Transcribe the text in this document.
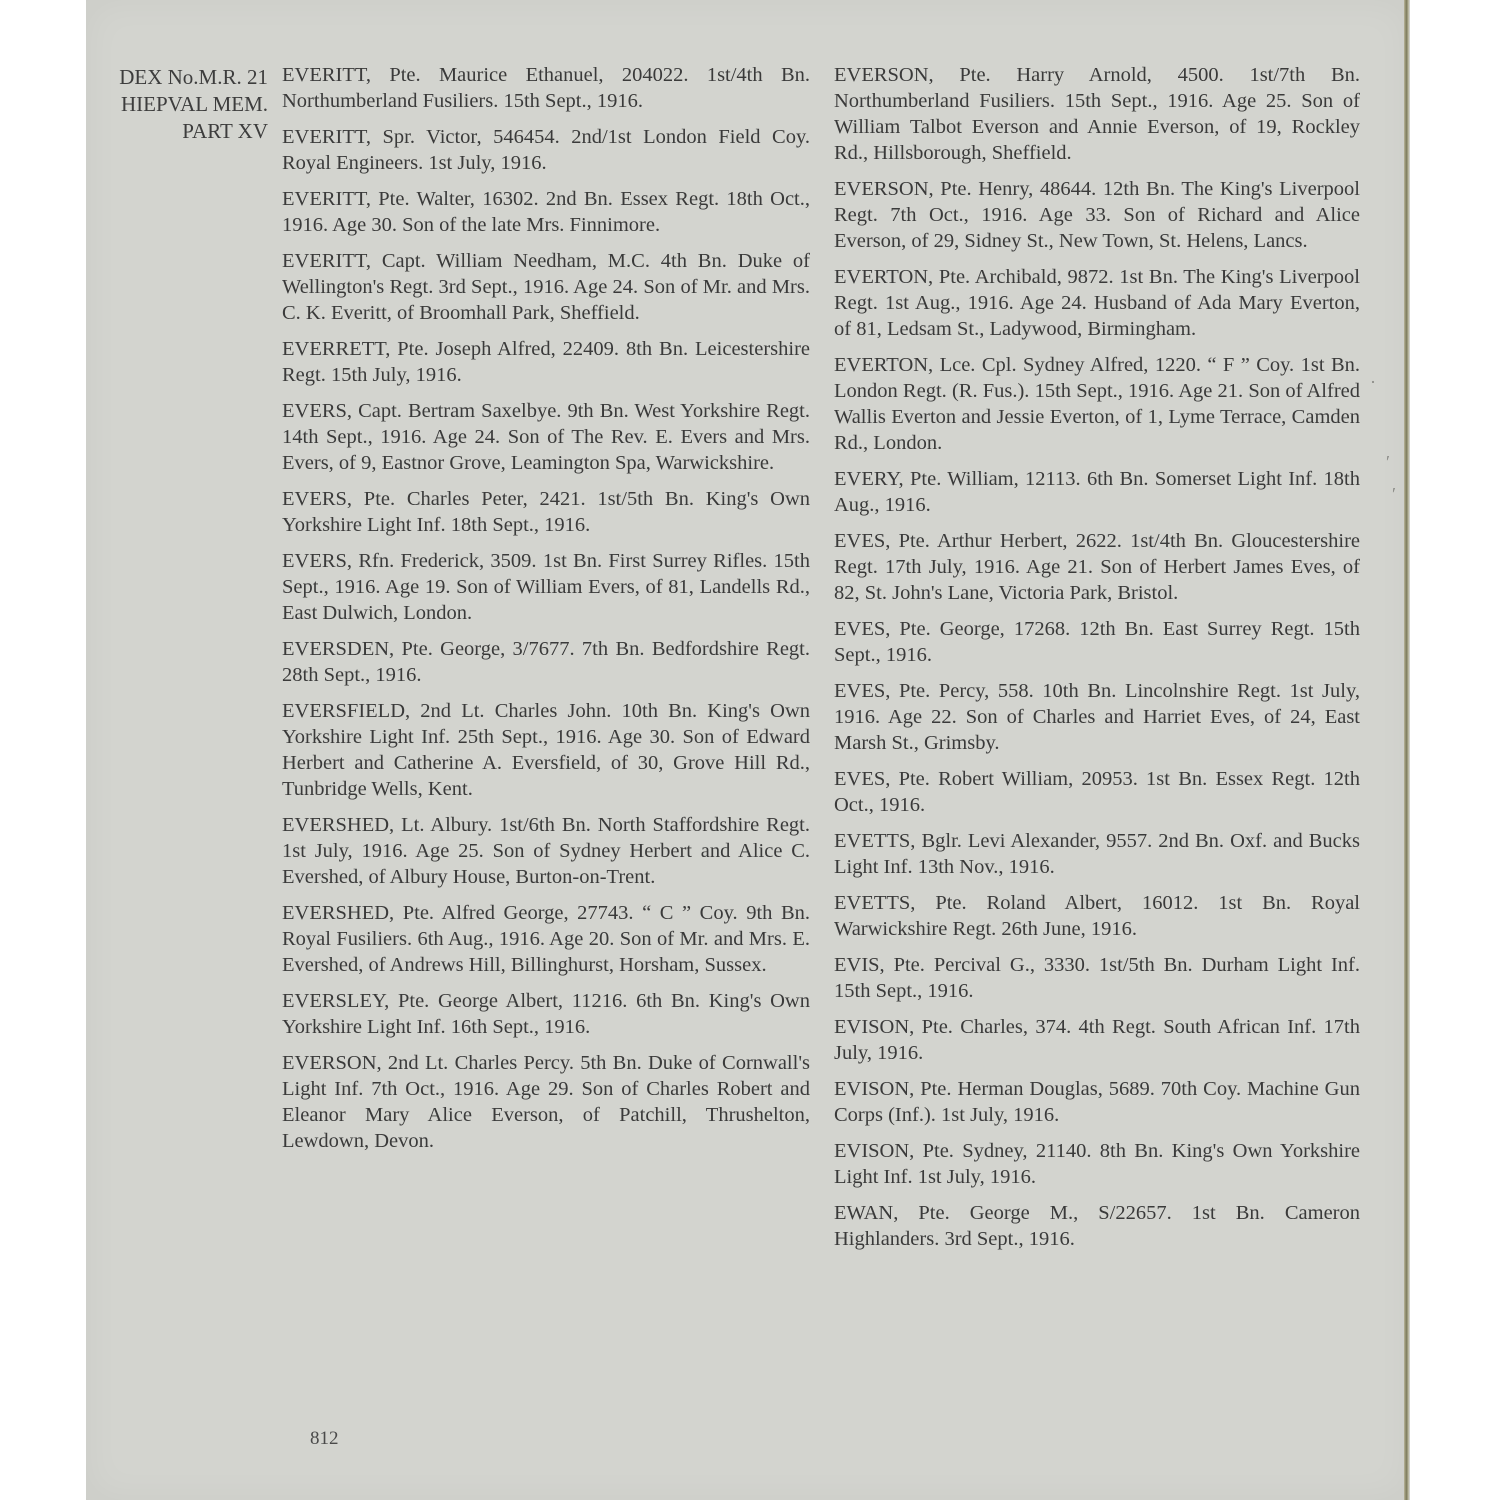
DEX No.M.R. 21
HIEPVAL MEM.
PART XV

EVERITT, Pte. Maurice Ethanuel, 204022. 1st/4th Bn. Northumberland Fusiliers. 15th Sept., 1916.

EVERITT, Spr. Victor, 546454. 2nd/1st London Field Coy. Royal Engineers. 1st July, 1916.

EVERITT, Pte. Walter, 16302. 2nd Bn. Essex Regt. 18th Oct., 1916. Age 30. Son of the late Mrs. Finnimore.

EVERITT, Capt. William Needham, M.C. 4th Bn. Duke of Wellington's Regt. 3rd Sept., 1916. Age 24. Son of Mr. and Mrs. C. K. Everitt, of Broomhall Park, Sheffield.

EVERRETT, Pte. Joseph Alfred, 22409. 8th Bn. Leicestershire Regt. 15th July, 1916.

EVERS, Capt. Bertram Saxelbye. 9th Bn. West Yorkshire Regt. 14th Sept., 1916. Age 24. Son of The Rev. E. Evers and Mrs. Evers, of 9, Eastnor Grove, Leamington Spa, Warwickshire.

EVERS, Pte. Charles Peter, 2421. 1st/5th Bn. King's Own Yorkshire Light Inf. 18th Sept., 1916.

EVERS, Rfn. Frederick, 3509. 1st Bn. First Surrey Rifles. 15th Sept., 1916. Age 19. Son of William Evers, of 81, Landells Rd., East Dulwich, London.

EVERSDEN, Pte. George, 3/7677. 7th Bn. Bedfordshire Regt. 28th Sept., 1916.

EVERSFIELD, 2nd Lt. Charles John. 10th Bn. King's Own Yorkshire Light Inf. 25th Sept., 1916. Age 30. Son of Edward Herbert and Catherine A. Eversfield, of 30, Grove Hill Rd., Tunbridge Wells, Kent.

EVERSHED, Lt. Albury. 1st/6th Bn. North Staffordshire Regt. 1st July, 1916. Age 25. Son of Sydney Herbert and Alice C. Evershed, of Albury House, Burton-on-Trent.

EVERSHED, Pte. Alfred George, 27743. “ C ” Coy. 9th Bn. Royal Fusiliers. 6th Aug., 1916. Age 20. Son of Mr. and Mrs. E. Evershed, of Andrews Hill, Billinghurst, Horsham, Sussex.

EVERSLEY, Pte. George Albert, 11216. 6th Bn. King's Own Yorkshire Light Inf. 16th Sept., 1916.

EVERSON, 2nd Lt. Charles Percy. 5th Bn. Duke of Cornwall's Light Inf. 7th Oct., 1916. Age 29. Son of Charles Robert and Eleanor Mary Alice Everson, of Patchill, Thrushelton, Lewdown, Devon.

EVERSON, Pte. Harry Arnold, 4500. 1st/7th Bn. Northumberland Fusiliers. 15th Sept., 1916. Age 25. Son of William Talbot Everson and Annie Everson, of 19, Rockley Rd., Hillsborough, Sheffield.

EVERSON, Pte. Henry, 48644. 12th Bn. The King's Liverpool Regt. 7th Oct., 1916. Age 33. Son of Richard and Alice Everson, of 29, Sidney St., New Town, St. Helens, Lancs.

EVERTON, Pte. Archibald, 9872. 1st Bn. The King's Liverpool Regt. 1st Aug., 1916. Age 24. Husband of Ada Mary Everton, of 81, Ledsam St., Ladywood, Birmingham.

EVERTON, Lce. Cpl. Sydney Alfred, 1220. “ F ” Coy. 1st Bn. London Regt. (R. Fus.). 15th Sept., 1916. Age 21. Son of Alfred Wallis Everton and Jessie Everton, of 1, Lyme Terrace, Camden Rd., London.

EVERY, Pte. William, 12113. 6th Bn. Somerset Light Inf. 18th Aug., 1916.

EVES, Pte. Arthur Herbert, 2622. 1st/4th Bn. Gloucestershire Regt. 17th July, 1916. Age 21. Son of Herbert James Eves, of 82, St. John's Lane, Victoria Park, Bristol.

EVES, Pte. George, 17268. 12th Bn. East Surrey Regt. 15th Sept., 1916.

EVES, Pte. Percy, 558. 10th Bn. Lincolnshire Regt. 1st July, 1916. Age 22. Son of Charles and Harriet Eves, of 24, East Marsh St., Grimsby.

EVES, Pte. Robert William, 20953. 1st Bn. Essex Regt. 12th Oct., 1916.

EVETTS, Bglr. Levi Alexander, 9557. 2nd Bn. Oxf. and Bucks Light Inf. 13th Nov., 1916.

EVETTS, Pte. Roland Albert, 16012. 1st Bn. Royal Warwickshire Regt. 26th June, 1916.

EVIS, Pte. Percival G., 3330. 1st/5th Bn. Durham Light Inf. 15th Sept., 1916.

EVISON, Pte. Charles, 374. 4th Regt. South African Inf. 17th July, 1916.

EVISON, Pte. Herman Douglas, 5689. 70th Coy. Machine Gun Corps (Inf.). 1st July, 1916.

EVISON, Pte. Sydney, 21140. 8th Bn. King's Own Yorkshire Light Inf. 1st July, 1916.

EWAN, Pte. George M., S/22657. 1st Bn. Cameron Highlanders. 3rd Sept., 1916.

812
·
′
′
